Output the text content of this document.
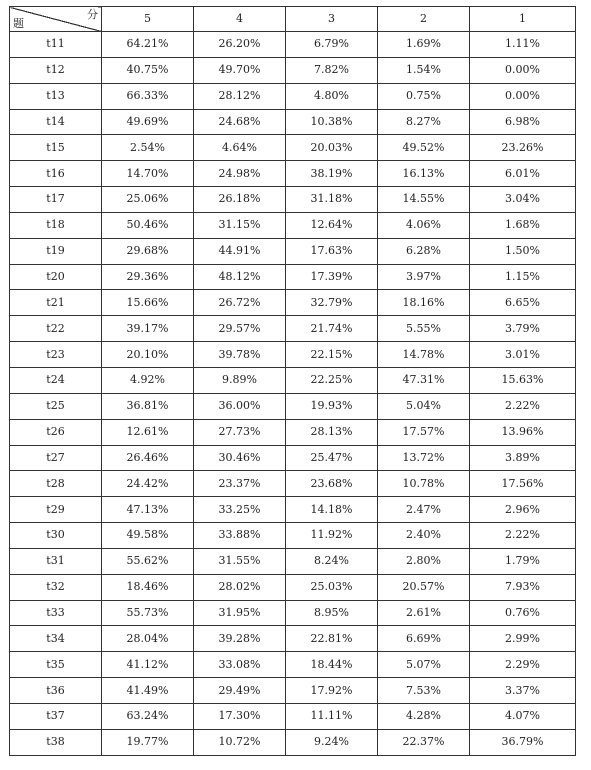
分
题	5	4	3	2	1
t11	64.21%	26.20%	6.79%	1.69%	1.11%
t12	40.75%	49.70%	7.82%	1.54%	0.00%
t13	66.33%	28.12%	4.80%	0.75%	0.00%
t14	49.69%	24.68%	10.38%	8.27%	6.98%
t15	2.54%	4.64%	20.03%	49.52%	23.26%
t16	14.70%	24.98%	38.19%	16.13%	6.01%
t17	25.06%	26.18%	31.18%	14.55%	3.04%
t18	50.46%	31.15%	12.64%	4.06%	1.68%
t19	29.68%	44.91%	17.63%	6.28%	1.50%
t20	29.36%	48.12%	17.39%	3.97%	1.15%
t21	15.66%	26.72%	32.79%	18.16%	6.65%
t22	39.17%	29.57%	21.74%	5.55%	3.79%
t23	20.10%	39.78%	22.15%	14.78%	3.01%
t24	4.92%	9.89%	22.25%	47.31%	15.63%
t25	36.81%	36.00%	19.93%	5.04%	2.22%
t26	12.61%	27.73%	28.13%	17.57%	13.96%
t27	26.46%	30.46%	25.47%	13.72%	3.89%
t28	24.42%	23.37%	23.68%	10.78%	17.56%
t29	47.13%	33.25%	14.18%	2.47%	2.96%
t30	49.58%	33.88%	11.92%	2.40%	2.22%
t31	55.62%	31.55%	8.24%	2.80%	1.79%
t32	18.46%	28.02%	25.03%	20.57%	7.93%
t33	55.73%	31.95%	8.95%	2.61%	0.76%
t34	28.04%	39.28%	22.81%	6.69%	2.99%
t35	41.12%	33.08%	18.44%	5.07%	2.29%
t36	41.49%	29.49%	17.92%	7.53%	3.37%
t37	63.24%	17.30%	11.11%	4.28%	4.07%
t38	19.77%	10.72%	9.24%	22.37%	36.79%
